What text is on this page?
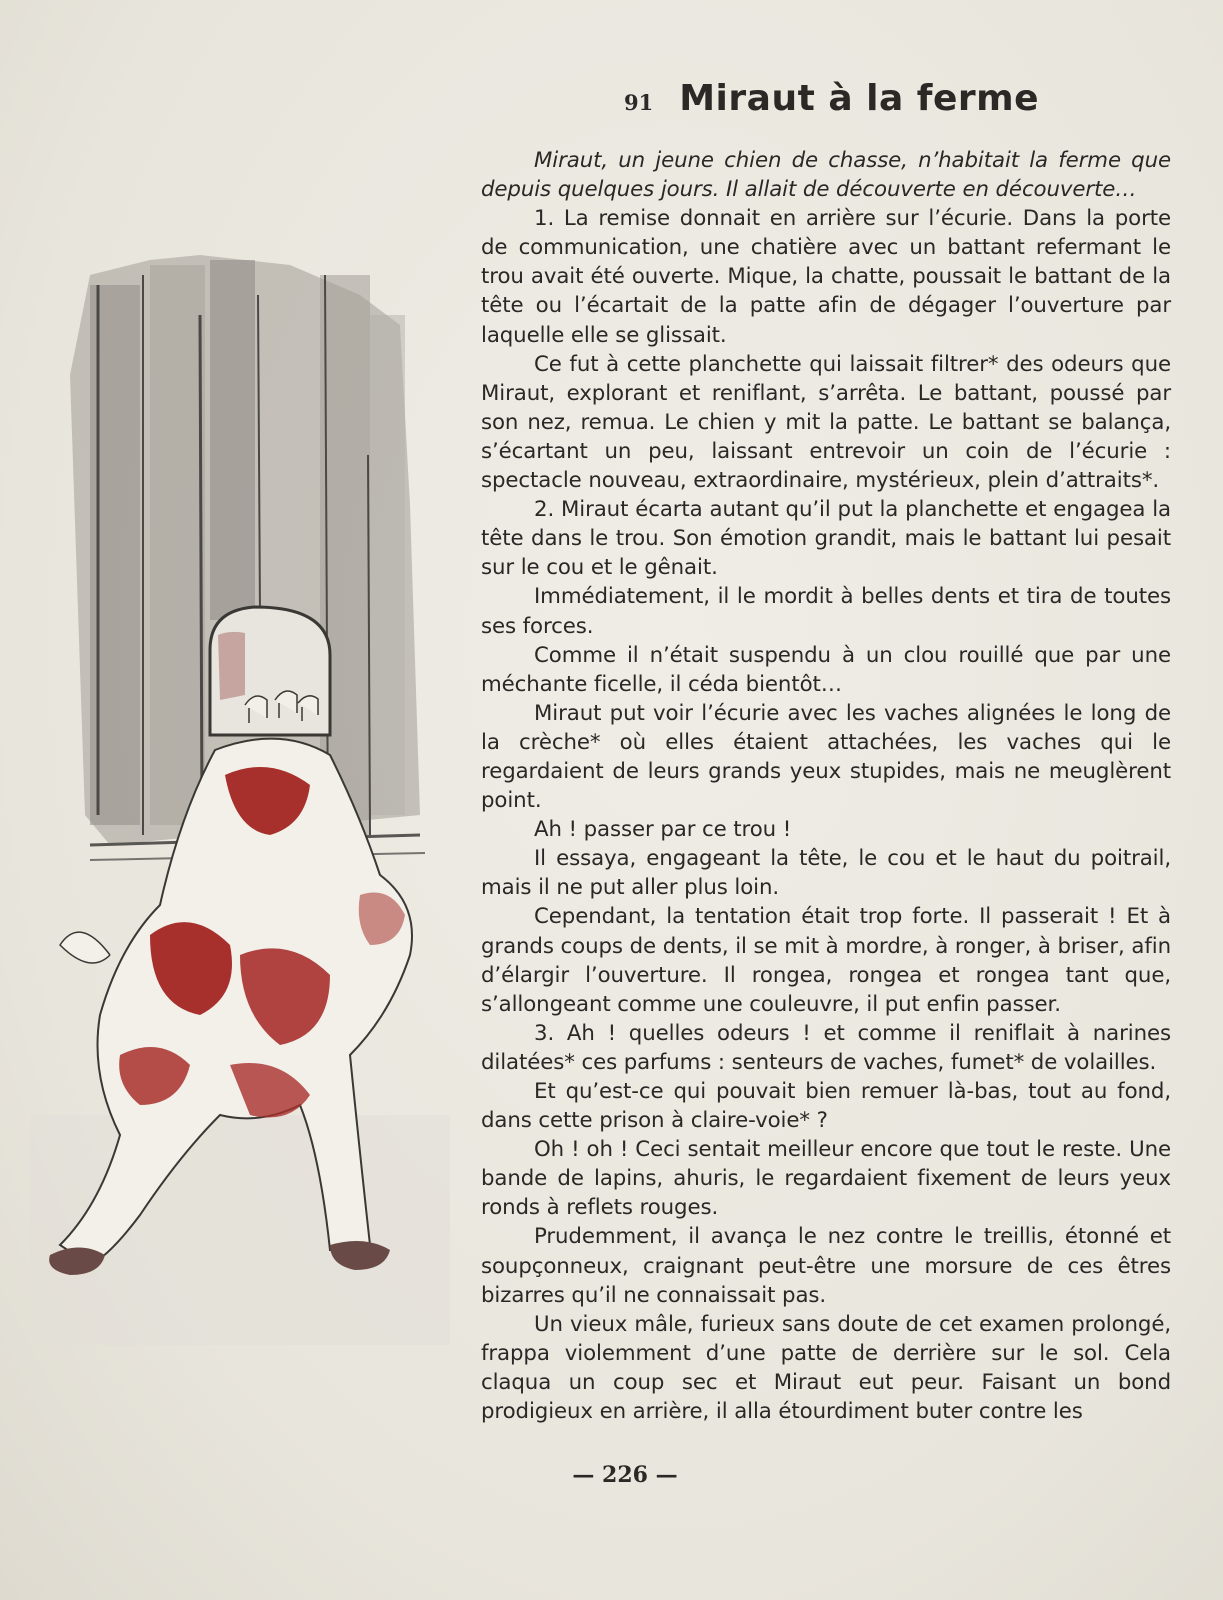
91 Miraut à la ferme

Miraut, un jeune chien de chasse, n’habitait la ferme que depuis quelques jours. Il allait de découverte en découverte…

1. La remise donnait en arrière sur l’écurie. Dans la porte de communication, une chatière avec un battant refermant le trou avait été ouverte. Mique, la chatte, poussait le battant de la tête ou l’écartait de la patte afin de dégager l’ouverture par laquelle elle se glissait.

Ce fut à cette planchette qui laissait filtrer* des odeurs que Miraut, explorant et reniflant, s’arrêta. Le battant, poussé par son nez, remua. Le chien y mit la patte. Le battant se balança, s’écartant un peu, laissant entrevoir un coin de l’écurie : spectacle nouveau, extraordinaire, mystérieux, plein d’attraits*.

2. Miraut écarta autant qu’il put la planchette et engagea la tête dans le trou. Son émotion grandit, mais le battant lui pesait sur le cou et le gênait.

Immédiatement, il le mordit à belles dents et tira de toutes ses forces.

Comme il n’était suspendu à un clou rouillé que par une méchante ficelle, il céda bientôt…

Miraut put voir l’écurie avec les vaches alignées le long de la crèche* où elles étaient attachées, les vaches qui le regardaient de leurs grands yeux stupides, mais ne meuglèrent point.

Ah ! passer par ce trou !

Il essaya, engageant la tête, le cou et le haut du poitrail, mais il ne put aller plus loin.

Cependant, la tentation était trop forte. Il passerait ! Et à grands coups de dents, il se mit à mordre, à ronger, à briser, afin d’élargir l’ouverture. Il rongea, rongea et rongea tant que, s’allongeant comme une couleuvre, il put enfin passer.

3. Ah ! quelles odeurs ! et comme il reniflait à narines dilatées* ces parfums : senteurs de vaches, fumet* de volailles.

Et qu’est-ce qui pouvait bien remuer là-bas, tout au fond, dans cette prison à claire-voie* ?

Oh ! oh ! Ceci sentait meilleur encore que tout le reste. Une bande de lapins, ahuris, le regardaient fixement de leurs yeux ronds à reflets rouges.

Prudemment, il avança le nez contre le treillis, étonné et soupçonneux, craignant peut-être une morsure de ces êtres bizarres qu’il ne connaissait pas.

Un vieux mâle, furieux sans doute de cet examen prolongé, frappa violemment d’une patte de derrière sur le sol. Cela claqua un coup sec et Miraut eut peur. Faisant un bond prodigieux en arrière, il alla étourdiment buter contre les

— 226 —
